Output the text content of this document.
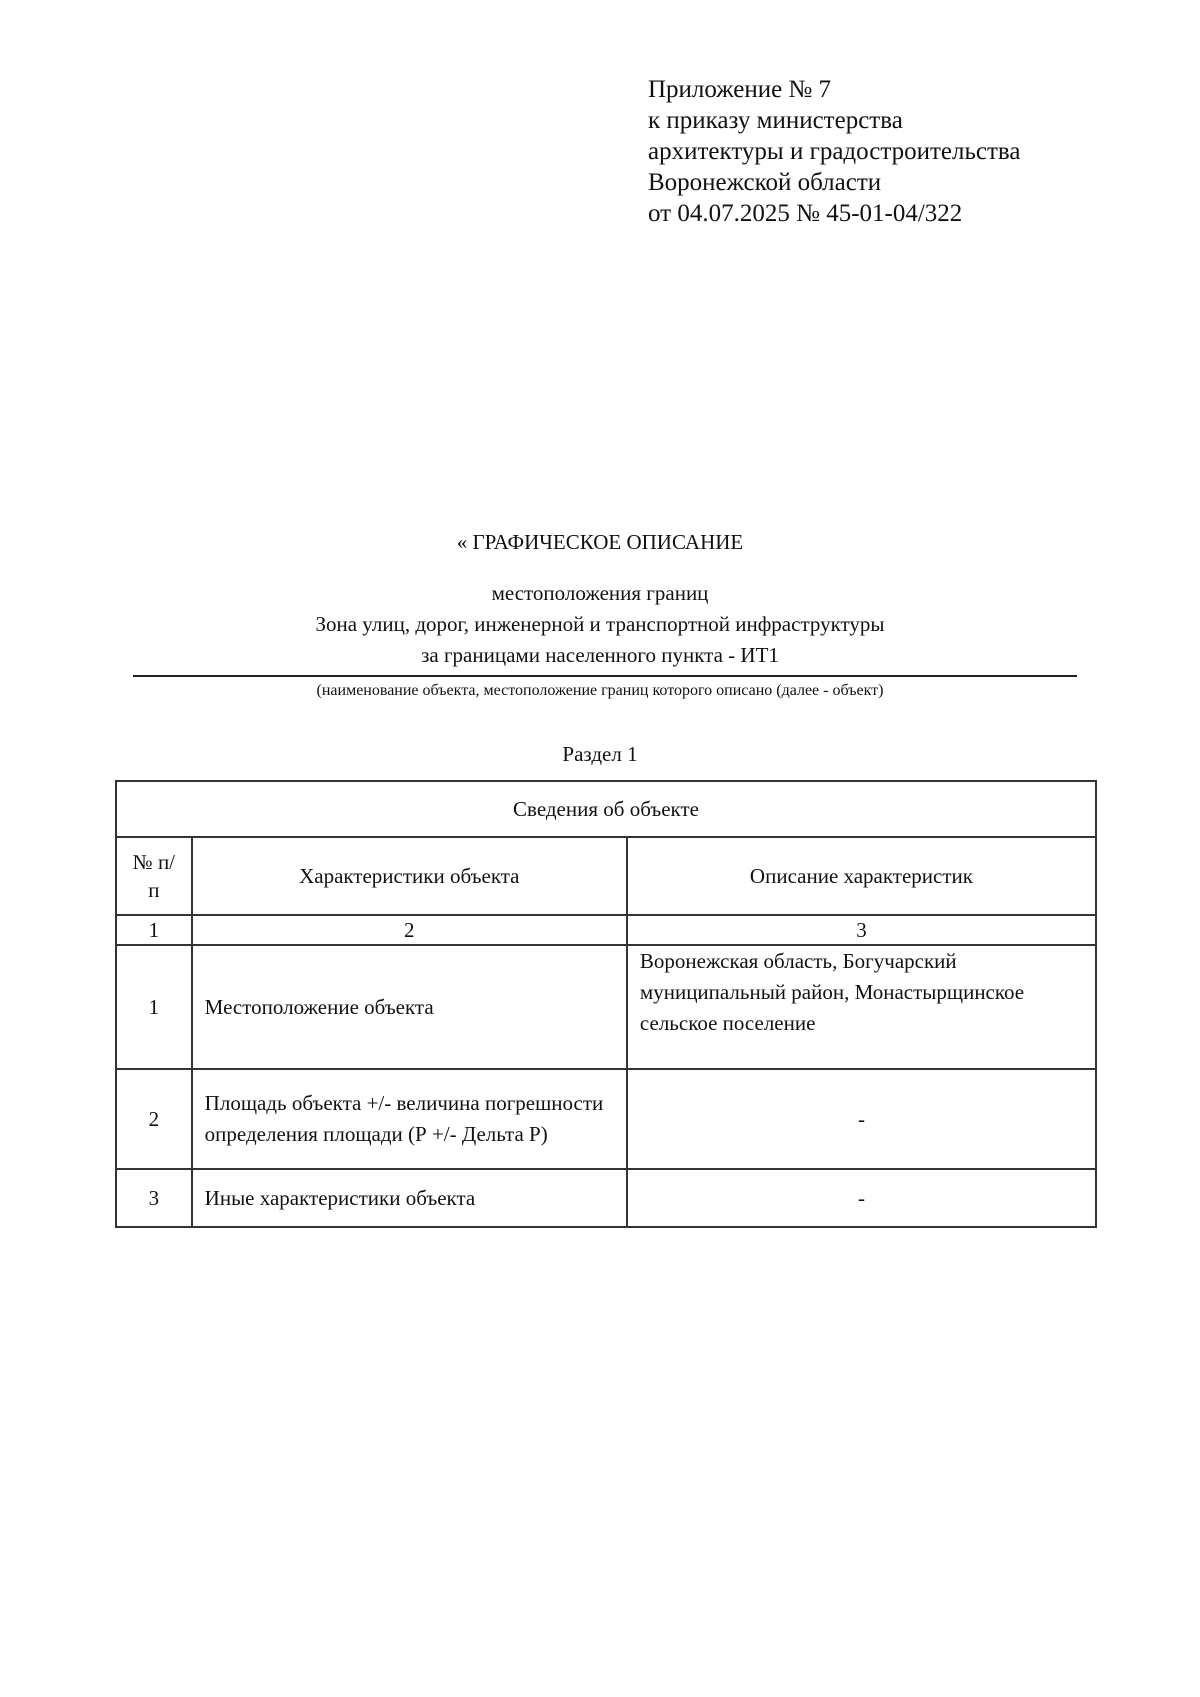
Приложение № 7
к приказу министерства
архитектуры и градостроительства
Воронежской области
от 04.07.2025 № 45-01-04/322
« ГРАФИЧЕСКОЕ ОПИСАНИЕ
местоположения границ
Зона улиц, дорог, инженерной и транспортной инфраструктуры
за границами населенного пункта - ИТ1
(наименование объекта, местоположение границ которого описано (далее - объект)
Раздел 1
Сведения об объекте		
№ п/п	Характеристики объекта	Описание характеристик
1	2	3
1	Местоположение объекта	Воронежская область, Богучарский муниципальный район, Монастырщинское сельское поселение
2	Площадь объекта +/- величина погрешности определения площади (Р +/- Дельта Р)	-
3	Иные характеристики объекта	-
